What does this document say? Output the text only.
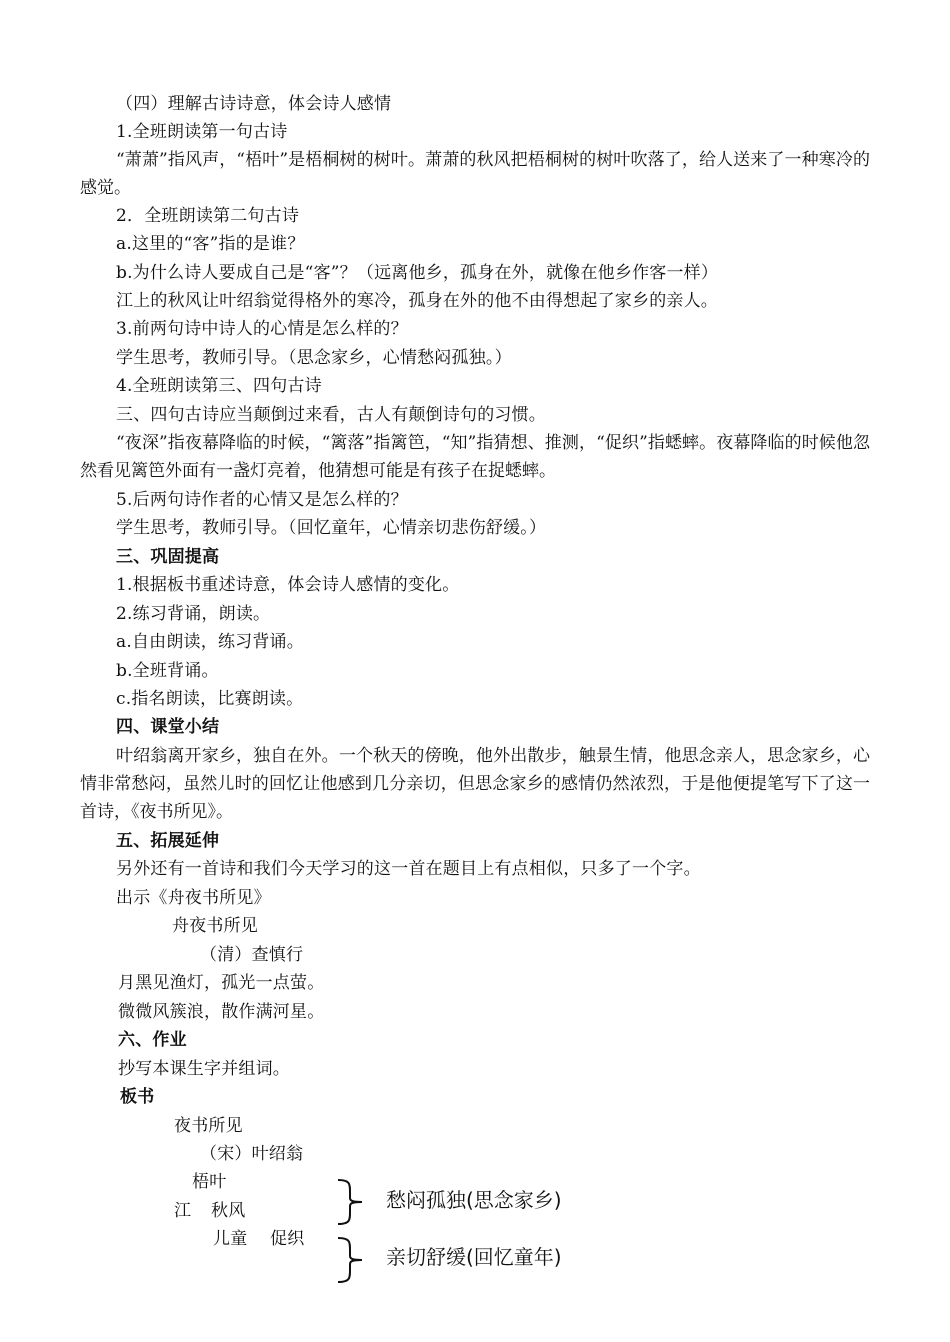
（四）理解古诗诗意，体会诗人感情
1.全班朗读第一句古诗
“萧萧”指风声，“梧叶”是梧桐树的树叶。萧萧的秋风把梧桐树的树叶吹落了，给人送来了一种寒冷的感觉。
2．全班朗读第二句古诗
a.这里的“客”指的是谁？
b.为什么诗人要成自己是“客”？（远离他乡，孤身在外，就像在他乡作客一样）
江上的秋风让叶绍翁觉得格外的寒冷，孤身在外的他不由得想起了家乡的亲人。
3.前两句诗中诗人的心情是怎么样的？
学生思考，教师引导。（思念家乡，心情愁闷孤独。）
4.全班朗读第三、四句古诗
三、四句古诗应当颠倒过来看，古人有颠倒诗句的习惯。
“夜深”指夜幕降临的时候，“篱落”指篱笆，“知”指猜想、推测，“促织”指蟋蟀。夜幕降临的时候他忽然看见篱笆外面有一盏灯亮着，他猜想可能是有孩子在捉蟋蟀。
5.后两句诗作者的心情又是怎么样的？
学生思考，教师引导。（回忆童年，心情亲切悲伤舒缓。）
三、巩固提高
1.根据板书重述诗意，体会诗人感情的变化。
2.练习背诵，朗读。
a.自由朗读，练习背诵。
b.全班背诵。
c.指名朗读，比赛朗读。
四、课堂小结
叶绍翁离开家乡，独自在外。一个秋天的傍晚，他外出散步，触景生情，他思念亲人，思念家乡，心情非常愁闷，虽然儿时的回忆让他感到几分亲切，但思念家乡的感情仍然浓烈，于是他便提笔写下了这一首诗，《夜书所见》。
五、拓展延伸
另外还有一首诗和我们今天学习的这一首在题目上有点相似，只多了一个字。
出示《舟夜书所见》
舟夜书所见
（清）查慎行
月黑见渔灯，孤光一点萤。
微微风簇浪，散作满河星。
六、作业
抄写本课生字并组词。
板书
夜书所见
（宋）叶绍翁
梧叶
江 秋风
儿童 促织
愁闷孤独(思念家乡)
亲切舒缓(回忆童年)
